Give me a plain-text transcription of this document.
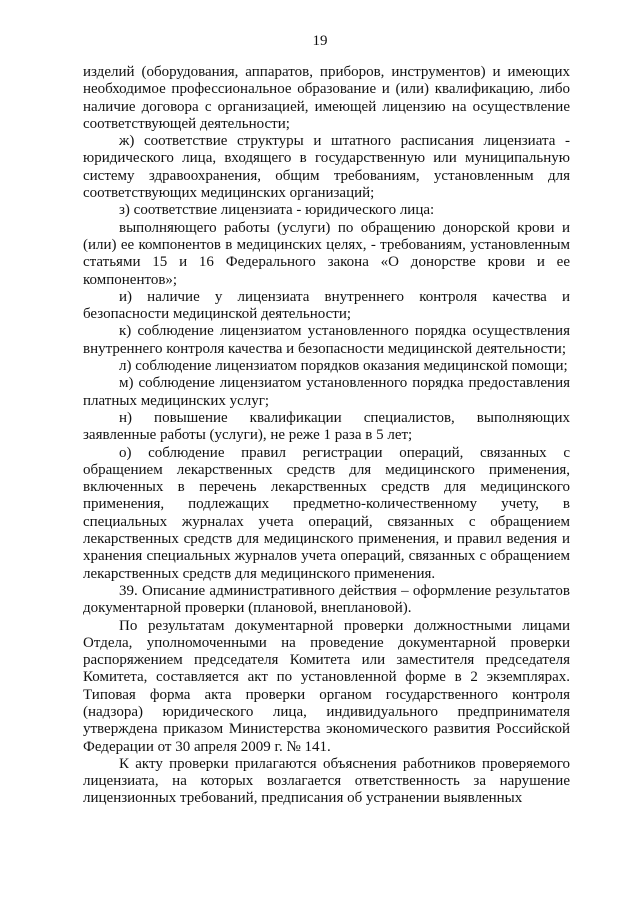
19

изделий (оборудования, аппаратов, приборов, инструментов) и имеющих необходимое профессиональное образование и (или) квалификацию, либо наличие договора с организацией, имеющей лицензию на осуществление соответствующей деятельности;

ж) соответствие структуры и штатного расписания лицензиата - юридического лица, входящего в государственную или муниципальную систему здравоохранения, общим требованиям, установленным для соответствующих медицинских организаций;

з) соответствие лицензиата - юридического лица:

выполняющего работы (услуги) по обращению донорской крови и (или) ее компонентов в медицинских целях, - требованиям, установленным статьями 15 и 16 Федерального закона «О донорстве крови и ее компонентов»;

и) наличие у лицензиата внутреннего контроля качества и безопасности медицинской деятельности;

к) соблюдение лицензиатом установленного порядка осуществления внутреннего контроля качества и безопасности медицинской деятельности;

л) соблюдение лицензиатом порядков оказания медицинской помощи;

м) соблюдение лицензиатом установленного порядка предоставления платных медицинских услуг;

н) повышение квалификации специалистов, выполняющих заявленные работы (услуги), не реже 1 раза в 5 лет;

о) соблюдение правил регистрации операций, связанных с обращением лекарственных средств для медицинского применения, включенных в перечень лекарственных средств для медицинского применения, подлежащих предметно-количественному учету, в специальных журналах учета операций, связанных с обращением лекарственных средств для медицинского применения, и правил ведения и хранения специальных журналов учета операций, связанных с обращением лекарственных средств для медицинского применения.

39. Описание административного действия – оформление результатов документарной проверки (плановой, внеплановой).

По результатам документарной проверки должностными лицами Отдела, уполномоченными на проведение документарной проверки распоряжением председателя Комитета или заместителя председателя Комитета, составляется акт по установленной форме в 2 экземплярах. Типовая форма акта проверки органом государственного контроля (надзора) юридического лица, индивидуального предпринимателя утверждена приказом Министерства экономического развития Российской Федерации от 30 апреля 2009 г. № 141.

К акту проверки прилагаются объяснения работников проверяемого лицензиата, на которых возлагается ответственность за нарушение лицензионных требований, предписания об устранении выявленных
